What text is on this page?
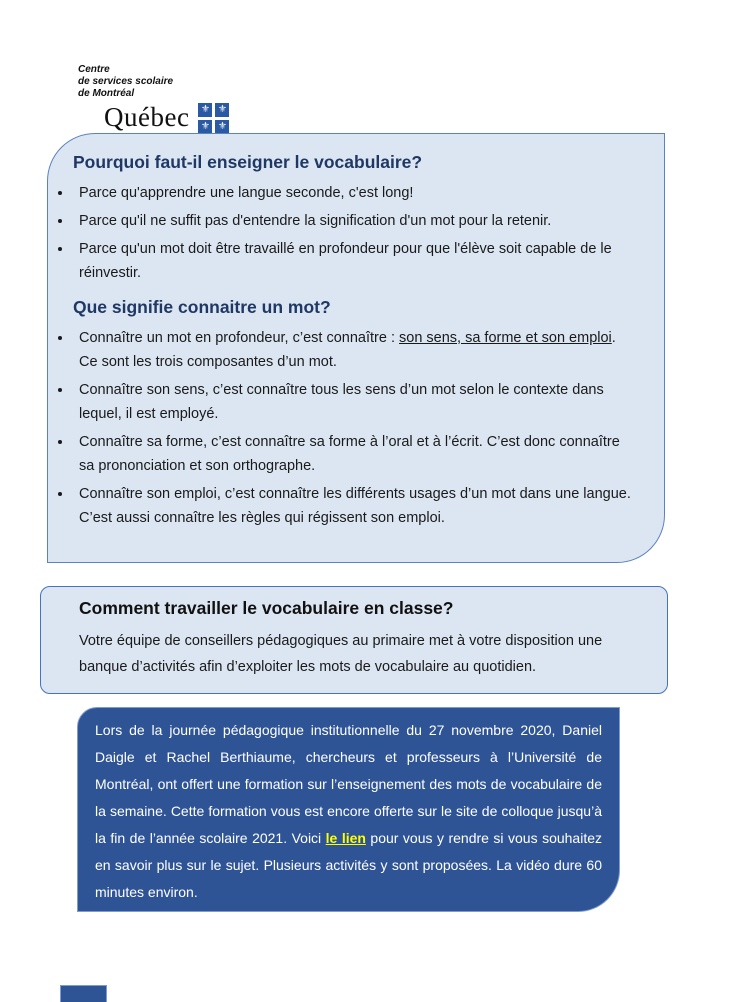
Centre
de services scolaire
de Montréal
Québec ⚜ ⚜
⚜ ⚜
Pourquoi faut-il enseigner le vocabulaire?
• Parce qu'apprendre une langue seconde, c'est long!
• Parce qu'il ne suffit pas d'entendre la signification d'un mot pour la retenir.
• Parce qu'un mot doit être travaillé en profondeur pour que l'élève soit capable de le réinvestir.
Que signifie connaitre un mot?
• Connaître un mot en profondeur, c’est connaître : son sens, sa forme et son emploi. Ce sont les trois composantes d’un mot.
• Connaître son sens, c’est connaître tous les sens d’un mot selon le contexte dans lequel, il est employé.
• Connaître sa forme, c’est connaître sa forme à l’oral et à l’écrit. C’est donc connaître sa prononciation et son orthographe.
• Connaître son emploi, c’est connaître les différents usages d’un mot dans une langue. C’est aussi connaître les règles qui régissent son emploi.
Comment travailler le vocabulaire en classe?

Votre équipe de conseillers pédagogiques au primaire met à votre disposition une banque d’activités afin d’exploiter les mots de vocabulaire au quotidien.

Lors de la journée pédagogique institutionnelle du 27 novembre 2020, Daniel Daigle et Rachel Berthiaume, chercheurs et professeurs à l’Université de Montréal, ont offert une formation sur l’enseignement des mots de vocabulaire de la semaine. Cette formation vous est encore offerte sur le site de colloque jusqu’à la fin de l’année scolaire 2021. Voici le lien pour vous y rendre si vous souhaitez en savoir plus sur le sujet. Plusieurs activités y sont proposées. La vidéo dure 60 minutes environ.
